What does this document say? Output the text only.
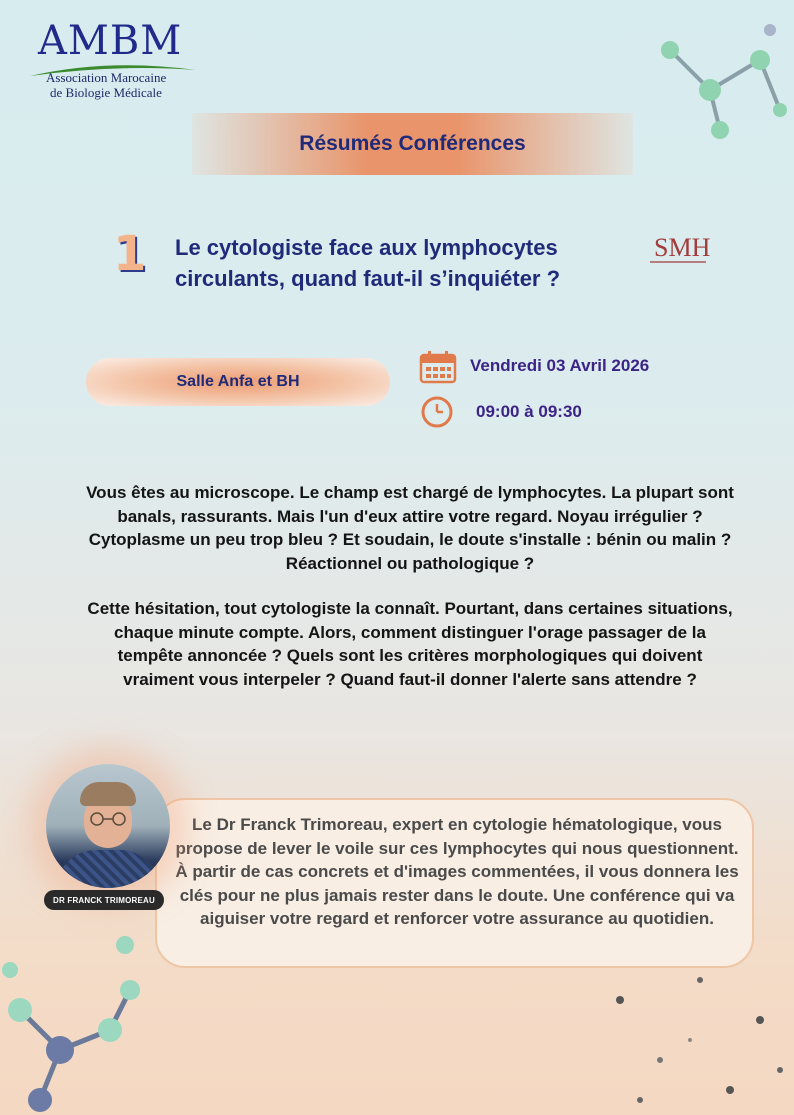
AMBM
Association Marocaine
de Biologie Médicale
Résumés Conférences
1 Le cytologiste face aux lymphocytes circulants, quand faut-il s’inquiéter ?
SMH
Salle Anfa et BH
Vendredi 03 Avril 2026
09:00 à 09:30
Vous êtes au microscope. Le champ est chargé de lymphocytes. La plupart sont banals, rassurants. Mais l'un d'eux attire votre regard. Noyau irrégulier ? Cytoplasme un peu trop bleu ? Et soudain, le doute s'installe : bénin ou malin ? Réactionnel ou pathologique ?
Cette hésitation, tout cytologiste la connaît. Pourtant, dans certaines situations, chaque minute compte. Alors, comment distinguer l'orage passager de la tempête annoncée ? Quels sont les critères morphologiques qui doivent vraiment vous interpeler ? Quand faut-il donner l'alerte sans attendre ?
Le Dr Franck Trimoreau, expert en cytologie hématologique, vous propose de lever le voile sur ces lymphocytes qui nous questionnent. À partir de cas concrets et d'images commentées, il vous donnera les clés pour ne plus jamais rester dans le doute. Une conférence qui va aiguiser votre regard et renforcer votre assurance au quotidien.
DR FRANCK TRIMOREAU
